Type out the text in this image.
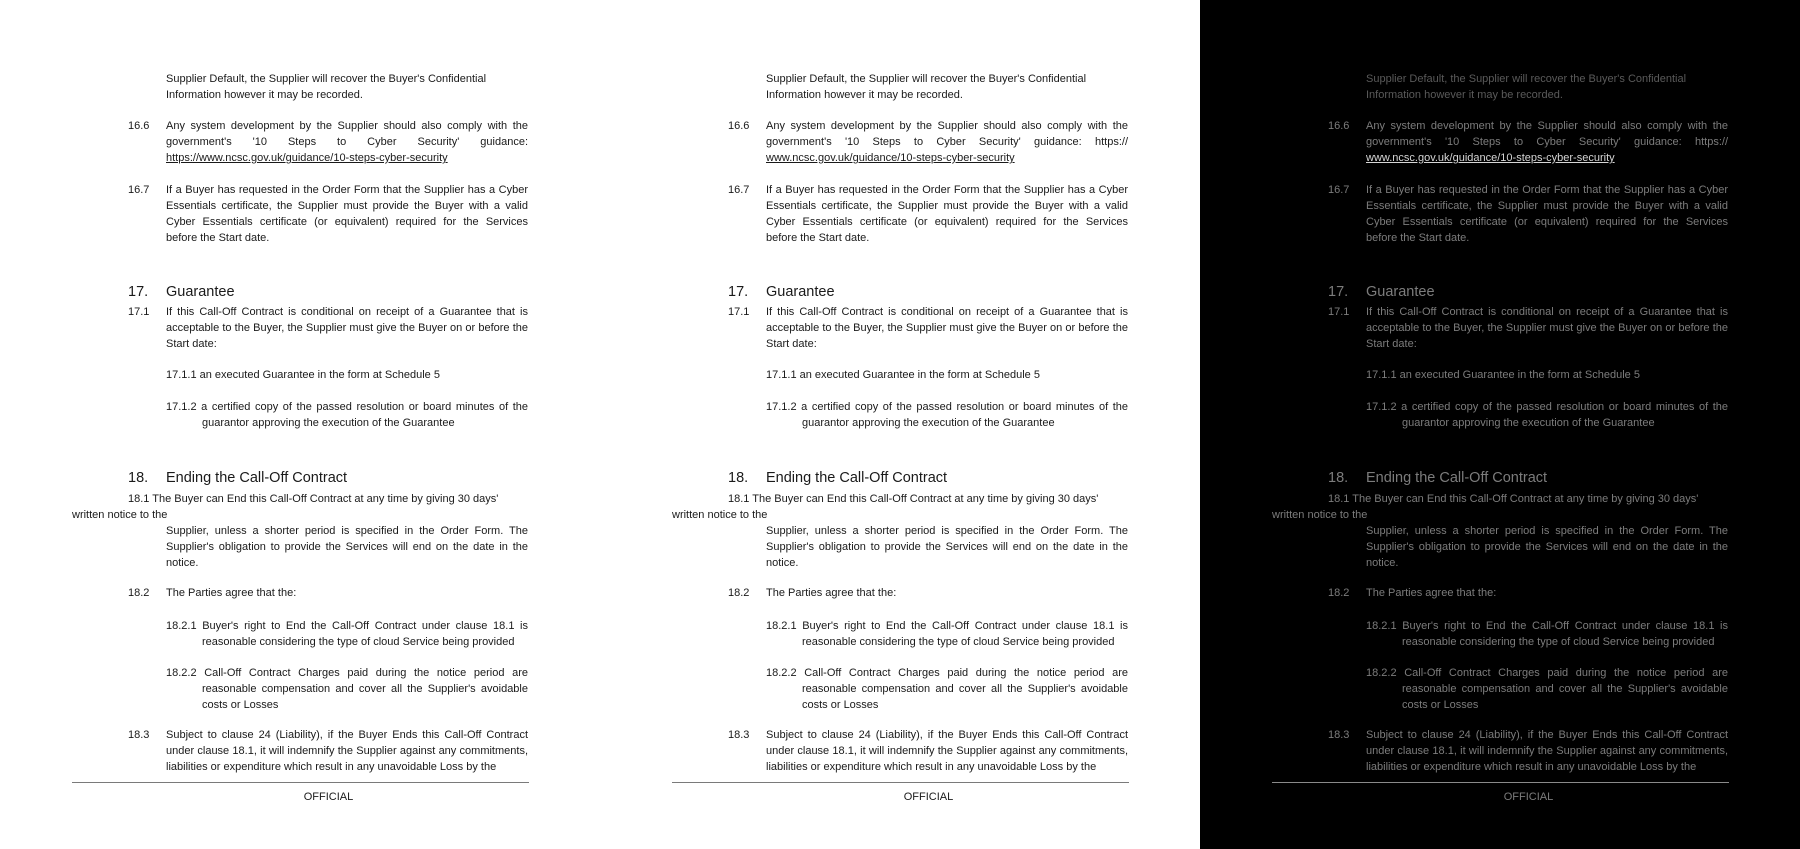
Supplier Default, the Supplier will recover the Buyer's Confidential
Information however it may be recorded.
16.6	Any system development by the Supplier should also comply with the government's '10 Steps to Cyber Security' guidance: https://www.ncsc.gov.uk/guidance/10-steps-cyber-security
16.7	If a Buyer has requested in the Order Form that the Supplier has a Cyber Essentials certificate, the Supplier must provide the Buyer with a valid Cyber Essentials certificate (or equivalent) required for the Services before the Start date.
17. Guarantee
17.1	If this Call-Off Contract is conditional on receipt of a Guarantee that is acceptable to the Buyer, the Supplier must give the Buyer on or before the Start date:
17.1.1 an executed Guarantee in the form at Schedule 5
17.1.2 a certified copy of the passed resolution or board minutes of the guarantor approving the execution of the Guarantee
18. Ending the Call-Off Contract
18.1 The Buyer can End this Call-Off Contract at any time by giving 30 days'
written notice to the
Supplier, unless a shorter period is specified in the Order Form. The Supplier's obligation to provide the Services will end on the date in the notice.
18.2	The Parties agree that the:
18.2.1 Buyer's right to End the Call-Off Contract under clause 18.1 is reasonable considering the type of cloud Service being provided
18.2.2 Call-Off Contract Charges paid during the notice period are reasonable compensation and cover all the Supplier's avoidable costs or Losses
18.3	Subject to clause 24 (Liability), if the Buyer Ends this Call-Off Contract under clause 18.1, it will indemnify the Supplier against any commitments, liabilities or expenditure which result in any unavoidable Loss by the
OFFICIAL
Supplier Default, the Supplier will recover the Buyer's Confidential
Information however it may be recorded.
16.6	Any system development by the Supplier should also comply with the government's '10 Steps to Cyber Security' guidance: https:// www.ncsc.gov.uk/guidance/10-steps-cyber-security
16.7	If a Buyer has requested in the Order Form that the Supplier has a Cyber Essentials certificate, the Supplier must provide the Buyer with a valid Cyber Essentials certificate (or equivalent) required for the Services before the Start date.
17. Guarantee
17.1	If this Call-Off Contract is conditional on receipt of a Guarantee that is acceptable to the Buyer, the Supplier must give the Buyer on or before the Start date:
17.1.1 an executed Guarantee in the form at Schedule 5
17.1.2 a certified copy of the passed resolution or board minutes of the guarantor approving the execution of the Guarantee
18. Ending the Call-Off Contract
18.1 The Buyer can End this Call-Off Contract at any time by giving 30 days'
written notice to the
Supplier, unless a shorter period is specified in the Order Form. The Supplier's obligation to provide the Services will end on the date in the notice.
18.2	The Parties agree that the:
18.2.1 Buyer's right to End the Call-Off Contract under clause 18.1 is reasonable considering the type of cloud Service being provided
18.2.2 Call-Off Contract Charges paid during the notice period are reasonable compensation and cover all the Supplier's avoidable costs or Losses
18.3	Subject to clause 24 (Liability), if the Buyer Ends this Call-Off Contract under clause 18.1, it will indemnify the Supplier against any commitments, liabilities or expenditure which result in any unavoidable Loss by the
OFFICIAL
Supplier Default, the Supplier will recover the Buyer's Confidential
Information however it may be recorded.
16.6	Any system development by the Supplier should also comply with the government's '10 Steps to Cyber Security' guidance: https:// www.ncsc.gov.uk/guidance/10-steps-cyber-security
16.7	If a Buyer has requested in the Order Form that the Supplier has a Cyber Essentials certificate, the Supplier must provide the Buyer with a valid Cyber Essentials certificate (or equivalent) required for the Services before the Start date.
17. Guarantee
17.1	If this Call-Off Contract is conditional on receipt of a Guarantee that is acceptable to the Buyer, the Supplier must give the Buyer on or before the Start date:
17.1.1 an executed Guarantee in the form at Schedule 5
17.1.2 a certified copy of the passed resolution or board minutes of the guarantor approving the execution of the Guarantee
18. Ending the Call-Off Contract
18.1 The Buyer can End this Call-Off Contract at any time by giving 30 days'
written notice to the
Supplier, unless a shorter period is specified in the Order Form. The Supplier's obligation to provide the Services will end on the date in the notice.
18.2	The Parties agree that the:
18.2.1 Buyer's right to End the Call-Off Contract under clause 18.1 is reasonable considering the type of cloud Service being provided
18.2.2 Call-Off Contract Charges paid during the notice period are reasonable compensation and cover all the Supplier's avoidable costs or Losses
18.3	Subject to clause 24 (Liability), if the Buyer Ends this Call-Off Contract under clause 18.1, it will indemnify the Supplier against any commitments, liabilities or expenditure which result in any unavoidable Loss by the
OFFICIAL
